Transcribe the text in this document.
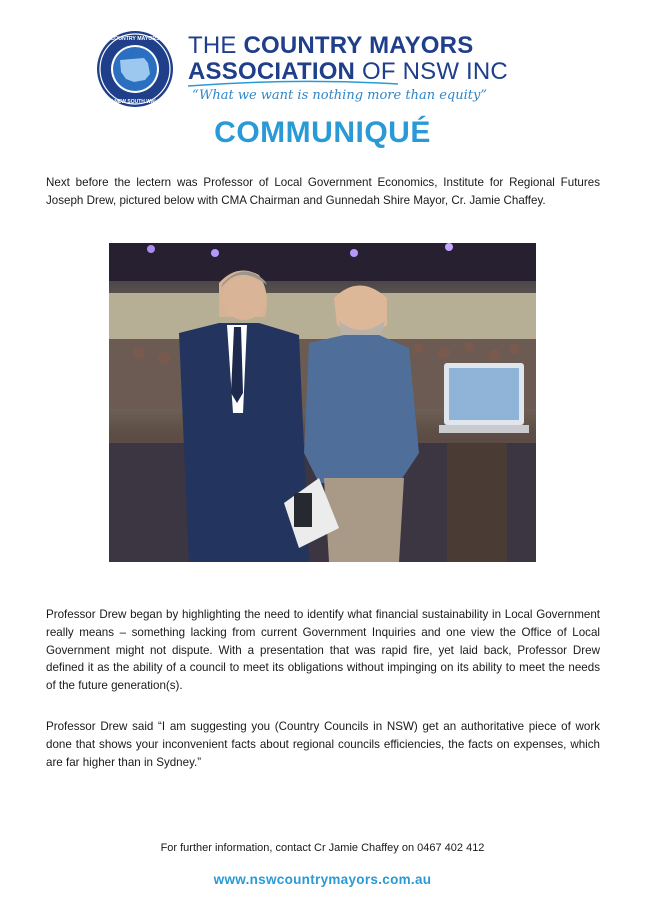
COUNTRY MAYORS
OF NEW SOUTH WALES
THE COUNTRY MAYORS
ASSOCIATION OF NSW INC
“What we want is nothing more than equity”
COMMUNIQUÉ

Next before the lectern was Professor of Local Government Economics, Institute for Regional Futures Joseph Drew, pictured below with CMA Chairman and Gunnedah Shire Mayor, Cr. Jamie Chaffey.

Professor Drew began by highlighting the need to identify what financial sustainability in Local Government really means – something lacking from current Government Inquiries and one view the Office of Local Government might not dispute. With a presentation that was rapid fire, yet laid back, Professor Drew defined it as the ability of a council to meet its obligations without impinging on its ability to meet the needs of the future generation(s).

Professor Drew said “I am suggesting you (Country Councils in NSW) get an authoritative piece of work done that shows your inconvenient facts about regional councils efficiencies, the facts on expenses, which are far higher than in Sydney.”

For further information, contact Cr Jamie Chaffey on 0467 402 412
www.nswcountrymayors.com.au
